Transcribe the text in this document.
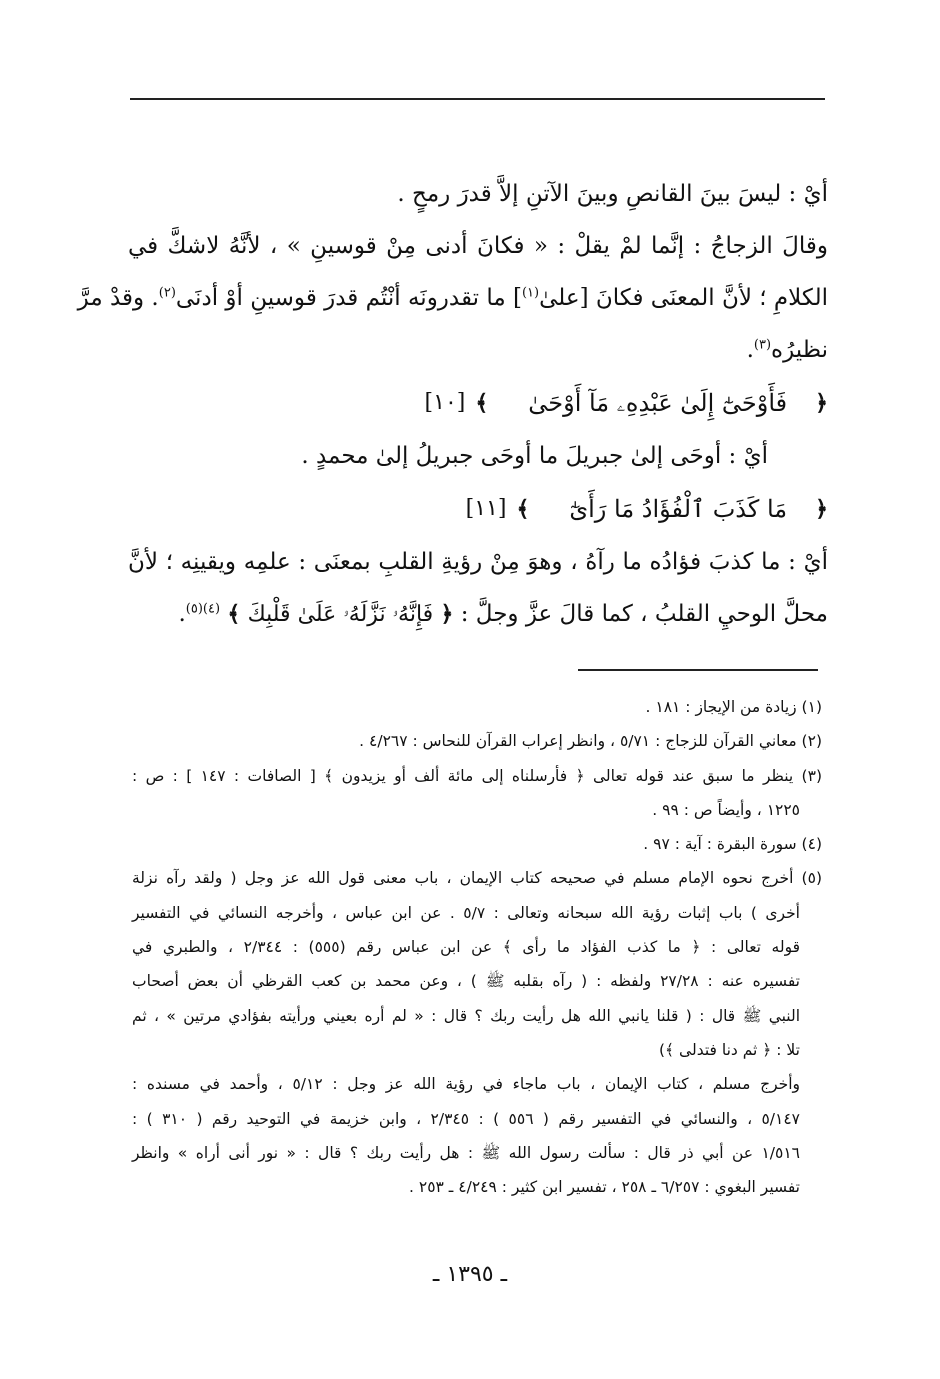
أيْ : ليسَ بينَ القانصِ وبينَ الآتنِ إلاَّ قدرَ رمحٍ .
وقالَ الزجاجُ : إنَّما لمْ يقلْ : « فكانَ أدنى مِنْ قوسينِ » ، لأنَّهُ لاشكَّ في
الكلامِ ؛ لأنَّ المعنَى فكانَ [علىٰ$^{(١)}$] ما تقدرونَه أنْتُم قدرَ قوسينِ أوْ أدنَى$^{(٢)}$. وقدْ مرَّ
نظيرُه$^{(٣)}$.
﴿
فَأَوْحَىٰٓ إِلَىٰ عَبْدِهِۦ مَآ أَوْحَىٰ
﴾
[١٠]
أيْ : أوحَى إلىٰ جبريلَ ما أوحَى جبريلُ إلىٰ محمدٍ .
﴿
مَا كَذَبَ ٱلْفُؤَادُ مَا رَأَىٰٓ
﴾
[١١]
أيْ : ما كذبَ فؤادُه ما رآهُ ، وهوَ مِنْ رؤيةِ القلبِ بمعنَى : علمِه ويقينِه ؛ لأنَّ
محلَّ الوحيِ القلبُ ، كما قالَ عزَّ وجلَّ : ﴿ فَإِنَّهُۥ نَزَّلَهُۥ عَلَىٰ قَلْبِكَ ﴾ $^{(٤)(٥)}$.
(١) زيادة من الإيجاز : ١٨١ .
(٢) معاني القرآن للزجاج : ٥/٧١ ، وانظر إعراب القرآن للنحاس : ٤/٢٦٧ .
(٣) ينظر ما سبق عند قوله تعالى ﴿ فأرسلناه إلى مائة ألف أو يزيدون ﴾ [ الصافات : ١٤٧ ] : ص :
١٢٢٥ ، وأيضاً ص : ٩٩ .
(٤) سورة البقرة : آية : ٩٧ .
(٥) أخرج نحوه الإمام مسلم في صحيحه كتاب الإيمان ، باب معنى قول الله عز وجل ( ولقد رآه نزلة
أخرى ) باب إثبات رؤية الله سبحانه وتعالى : ٥/٧ . عن ابن عباس ، وأخرجه النسائي في التفسير
قوله تعالى : ﴿ ما كذب الفؤاد ما رأى ﴾ عن ابن عباس رقم (٥٥٥) : ٢/٣٤٤ ، والطبري في
تفسيره عنه : ٢٧/٢٨ ولفظه : ( رآه بقلبه ﷺ ) ، وعن محمد بن كعب القرظي أن بعض أصحاب
النبي ﷺ قال : ( قلنا يانبي الله هل رأيت ربك ؟ قال : « لم أره بعيني ورأيته بفؤادي مرتين » ، ثم
تلا : ﴿ ثم دنا فتدلى ﴾)
وأخرج مسلم ، كتاب الإيمان ، باب ماجاء في رؤية الله عز وجل : ٥/١٢ ، وأحمد في مسنده :
٥/١٤٧ ، والنسائي في التفسير رقم ( ٥٥٦ ) : ٢/٣٤٥ ، وابن خزيمة في التوحيد رقم ( ٣١٠ ) :
١/٥١٦ عن أبي ذر قال : سألت رسول الله ﷺ : هل رأيت ربك ؟ قال : « نور أنى أراه » وانظر
تفسير البغوي : ٦/٢٥٧ ـ ٢٥٨ ، تفسير ابن كثير : ٤/٢٤٩ ـ ٢٥٣ .
ـ ١٣٩٥ ـ
